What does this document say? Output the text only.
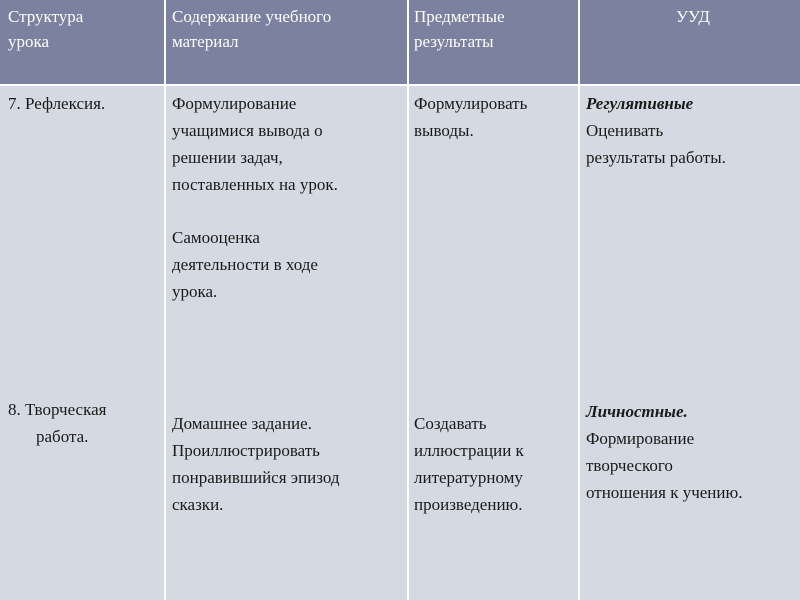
Структура
урока
Содержание учебного
материал
Предметные
результаты
УУД
7. Рефлексия.	Формулирование
учащимися вывода о
решении задач,
поставленных на урок.
Самооценка
деятельности в ходе
урока.
Формулировать
выводы.
Регулятивные
Оценивать
результаты работы.
8. Творческая
работа.
Домашнее задание.
Проиллюстрировать
понравившийся эпизод
сказки.
Создавать
иллюстрации к
литературному
произведению.
Личностные.
Формирование
творческого
отношения к учению.
